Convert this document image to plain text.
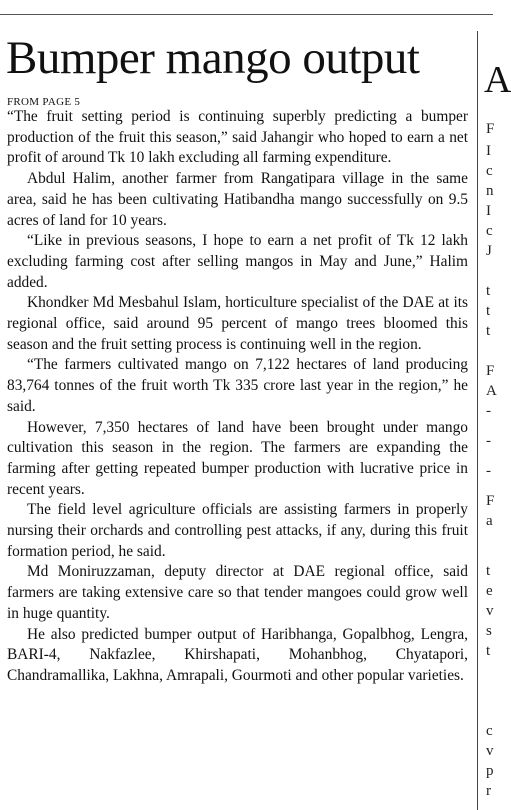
Bumper mango output
FROM PAGE 5

“The fruit setting period is continuing superbly predicting a bumper production of the fruit this season,” said Jahangir who hoped to earn a net profit of around Tk 10 lakh excluding all farming expenditure.

Abdul Halim, another farmer from Rangatipara village in the same area, said he has been cultivating Hatibandha mango successfully on 9.5 acres of land for 10 years.

“Like in previous seasons, I hope to earn a net profit of Tk 12 lakh excluding farming cost after selling mangos in May and June,” Halim added.

Khondker Md Mesbahul Islam, horticulture specialist of the DAE at its regional office, said around 95 percent of mango trees bloomed this season and the fruit setting process is continuing well in the region.

“The farmers cultivated mango on 7,122 hectares of land producing 83,764 tonnes of the fruit worth Tk 335 crore last year in the region,” he said.

However, 7,350 hectares of land have been brought under mango cultivation this season in the region. The farmers are expanding the farming after getting repeated bumper production with lucrative price in recent years.

The field level agriculture officials are assisting farmers in properly nursing their orchards and controlling pest attacks, if any, during this fruit formation period, he said.

Md Moniruzzaman, deputy director at DAE regional office, said farmers are taking extensive care so that tender mangoes could grow well in huge quantity.

He also predicted bumper output of Haribhanga, Gopalbhog, Lengra, BARI-4, Nakfazlee, Khirshapati, Mohanbhog, Chyatapori, Chandramallika, Lakhna, Amrapali, Gourmoti and other popular varieties.

A
F
I
c
n
I
c
J
t
t
t
F
A
-
-
-
F
a
t
e
v
s
t
c
v
p
r
